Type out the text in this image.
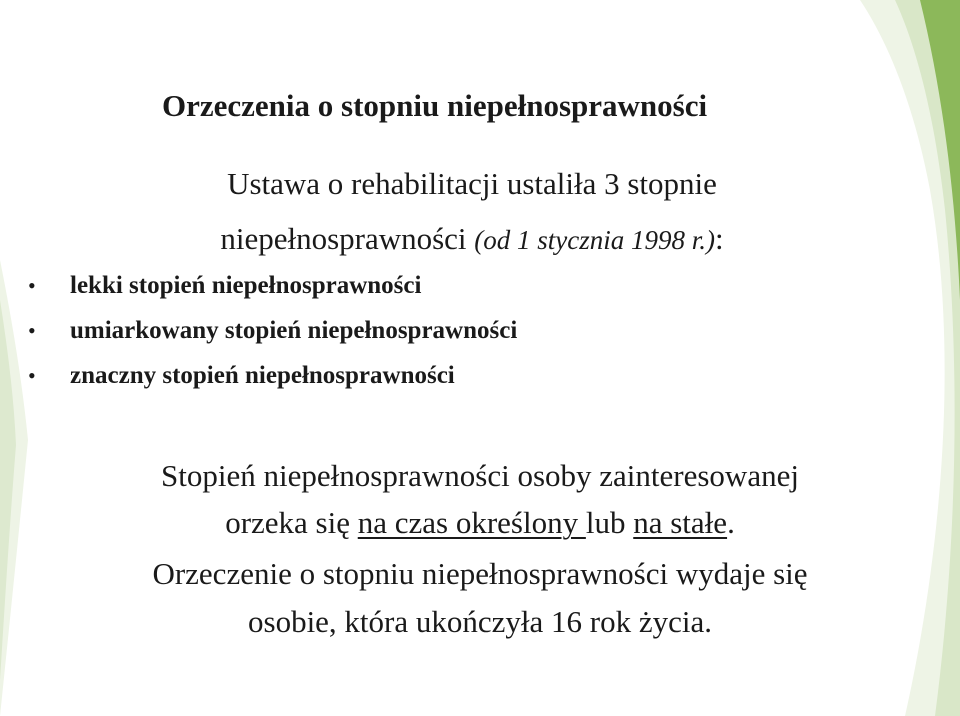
Orzeczenia o stopniu niepełnosprawności

Ustawa o rehabilitacji ustaliła 3 stopnie

niepełnosprawności (od 1 stycznia 1998 r.):

• lekki stopień niepełnosprawności
• umiarkowany stopień niepełnosprawności
• znaczny stopień niepełnosprawności

Stopień niepełnosprawności osoby zainteresowanej

orzeka się na czas określony lub na stałe.

Orzeczenie o stopniu niepełnosprawności wydaje się

osobie, która ukończyła 16 rok życia.
